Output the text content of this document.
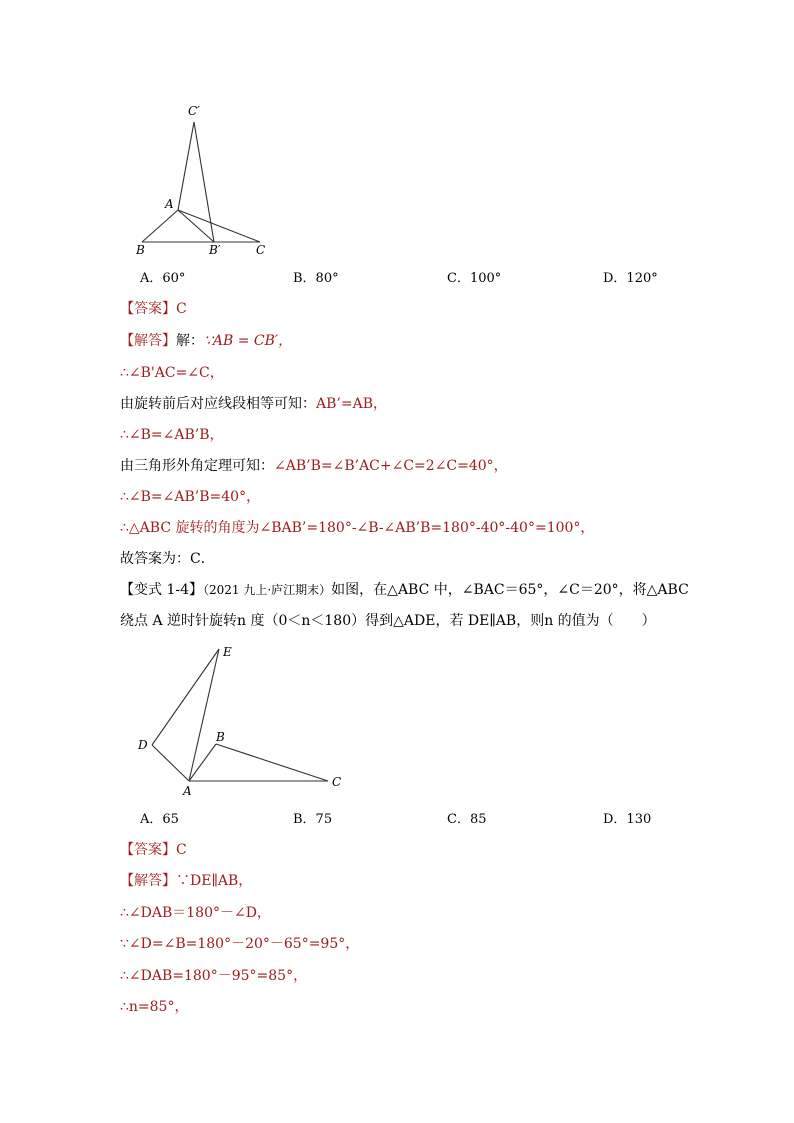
C′
A
B	B′	C
A．60°	B．80°	C．100°	D．120°
【答案】C
【解答】解：∵AB = CB′，
∴∠B'AC=∠C，
由旋转前后对应线段相等可知：AB’=AB，
∴∠B=∠AB’B，
由三角形外角定理可知：∠AB’B=∠B’AC+∠C=2∠C=40°，
∴∠B=∠AB’B=40°，
∴△ABC 旋转的角度为∠BAB’=180°-∠B-∠AB’B=180°-40°-40°=100°，
故答案为：C．
【变式 1-4】（2021 九上·庐江期末）如图，在△ABC 中，∠BAC＝65°，∠C＝20°，将△ABC
绕点 A 逆时针旋转n 度（0＜n＜180）得到△ADE，若 DE∥AB，则n 的值为（　　）
E
D
B
A
C
A．65	B．75	C．85	D．130
【答案】C
【解答】∵DE∥AB，
∴∠DAB＝180°－∠D，
∵∠D=∠B=180°－20°－65°=95°，
∴∠DAB=180°－95°=85°，
∴n=85°，
